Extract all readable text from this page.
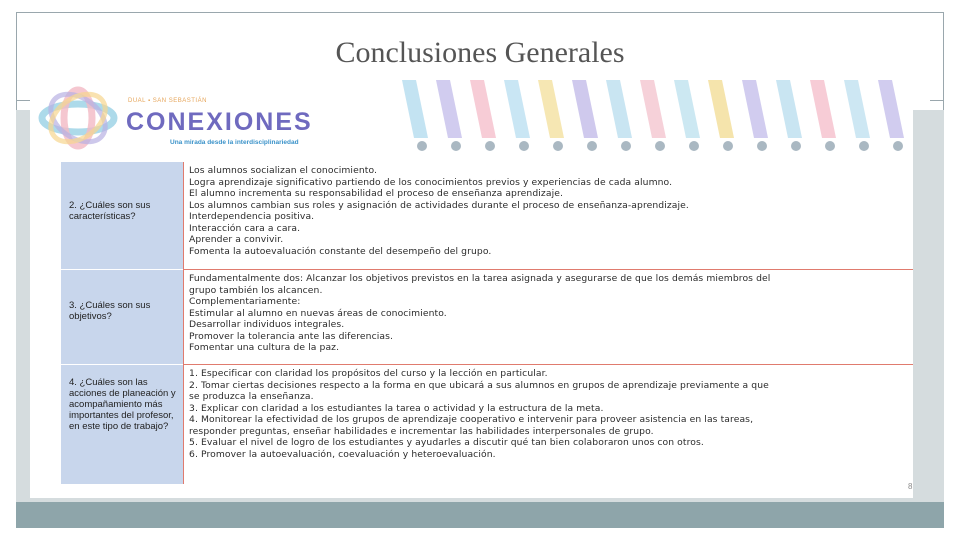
Conclusiones Generales
DUAL ▪ SAN SEBASTIÁN
CONEXIONES
Una mirada desde la interdisciplinariedad

2. ¿Cuáles son sus características?

Los alumnos socializan el conocimiento.
Logra aprendizaje significativo partiendo de los conocimientos previos y experiencias de cada alumno.
El alumno incrementa su responsabilidad el proceso de enseñanza aprendizaje.
Los alumnos cambian sus roles y asignación de actividades durante el proceso de enseñanza-aprendizaje.
Interdependencia positiva.
Interacción cara a cara.
Aprender a convivir.
Fomenta la autoevaluación constante del desempeño del grupo.

3. ¿Cuáles son sus objetivos?

Fundamentalmente dos: Alcanzar los objetivos previstos en la tarea asignada y asegurarse de que los demás miembros del
grupo también los alcancen.
Complementariamente:
Estimular al alumno en nuevas áreas de conocimiento.
Desarrollar individuos integrales.
Promover la tolerancia ante las diferencias.
Fomentar una cultura de la paz.

4. ¿Cuáles son las acciones de planeación y acompañamiento más importantes del profesor, en este tipo de trabajo?

1. Especificar con claridad los propósitos del curso y la lección en particular.
2. Tomar ciertas decisiones respecto a la forma en que ubicará a sus alumnos en grupos de aprendizaje previamente a que
se produzca la enseñanza.
3. Explicar con claridad a los estudiantes la tarea o actividad y la estructura de la meta.
4. Monitorear la efectividad de los grupos de aprendizaje cooperativo e intervenir para proveer asistencia en las tareas,
responder preguntas, enseñar habilidades e incrementar las habilidades interpersonales de grupo.
5. Evaluar el nivel de logro de los estudiantes y ayudarles a discutir qué tan bien colaboraron unos con otros.
6. Promover la autoevaluación, coevaluación y heteroevaluación.
8
